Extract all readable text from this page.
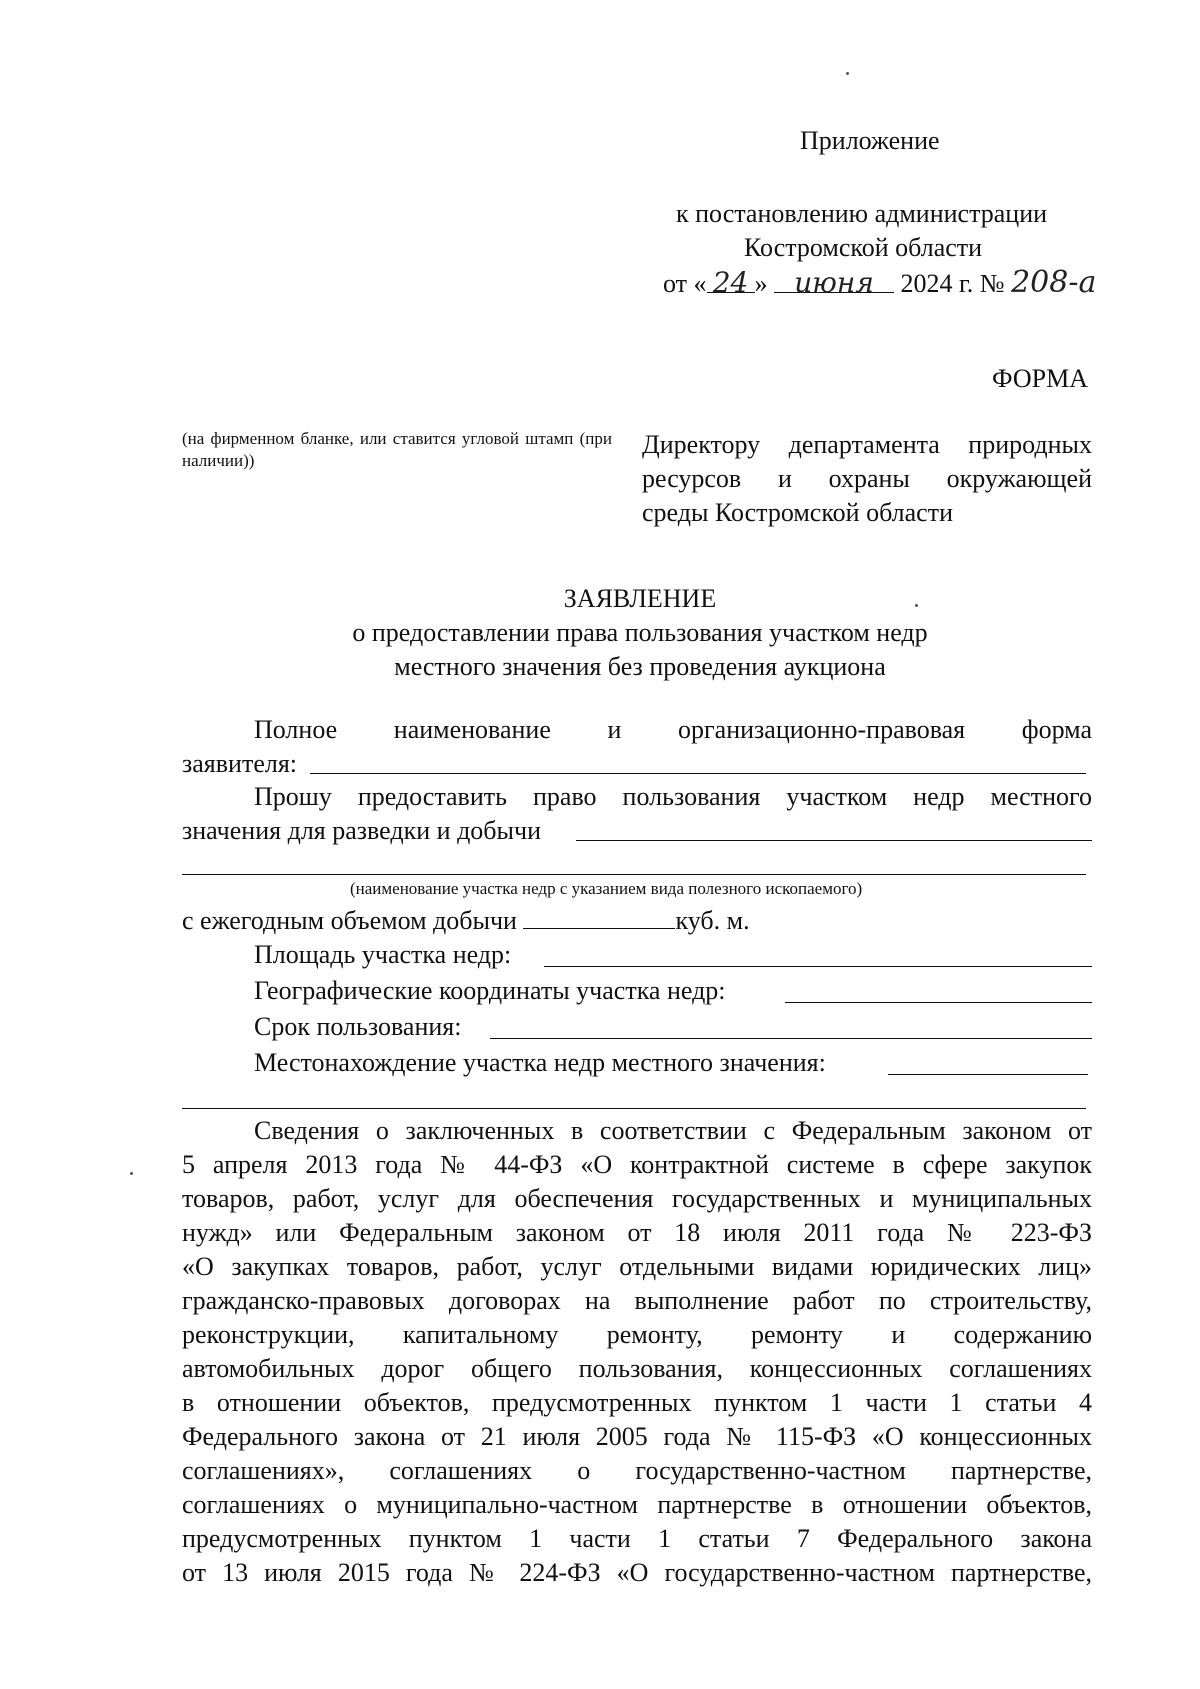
Приложение
к постановлению администрации
Костромской области
от « 24 » июня 2024 г. № 208-а
ФОРМА
(на фирменном бланке, или ставится угловой штамп (при наличии))
Директору департамента природных
ресурсов и охраны окружающей
среды Костромской области
ЗАЯВЛЕНИЕ
о предоставлении права пользования участком недр
местного значения без проведения аукциона
Полное наименование и организационно-правовая форма
заявителя:
Прошу предоставить право пользования участком недр местного
значения для разведки и добычи
(наименование участка недр с указанием вида полезного ископаемого)
с ежегодным объемом добычи	куб. м.
Площадь участка недр:
Географические координаты участка недр:
Срок пользования:
Местонахождение участка недр местного значения:
Сведения о заключенных в соответствии с Федеральным законом от
5 апреля 2013 года № 44-ФЗ «О контрактной системе в сфере закупок
товаров, работ, услуг для обеспечения государственных и муниципальных
нужд» или Федеральным законом от 18 июля 2011 года № 223-ФЗ
«О закупках товаров, работ, услуг отдельными видами юридических лиц»
гражданско-правовых договорах на выполнение работ по строительству,
реконструкции, капитальному ремонту, ремонту и содержанию
автомобильных дорог общего пользования, концессионных соглашениях
в отношении объектов, предусмотренных пунктом 1 части 1 статьи 4
Федерального закона от 21 июля 2005 года № 115-ФЗ «О концессионных
соглашениях», соглашениях о государственно-частном партнерстве,
соглашениях о муниципально-частном партнерстве в отношении объектов,
предусмотренных пунктом 1 части 1 статьи 7 Федерального закона
от 13 июля 2015 года № 224-ФЗ «О государственно-частном партнерстве,
